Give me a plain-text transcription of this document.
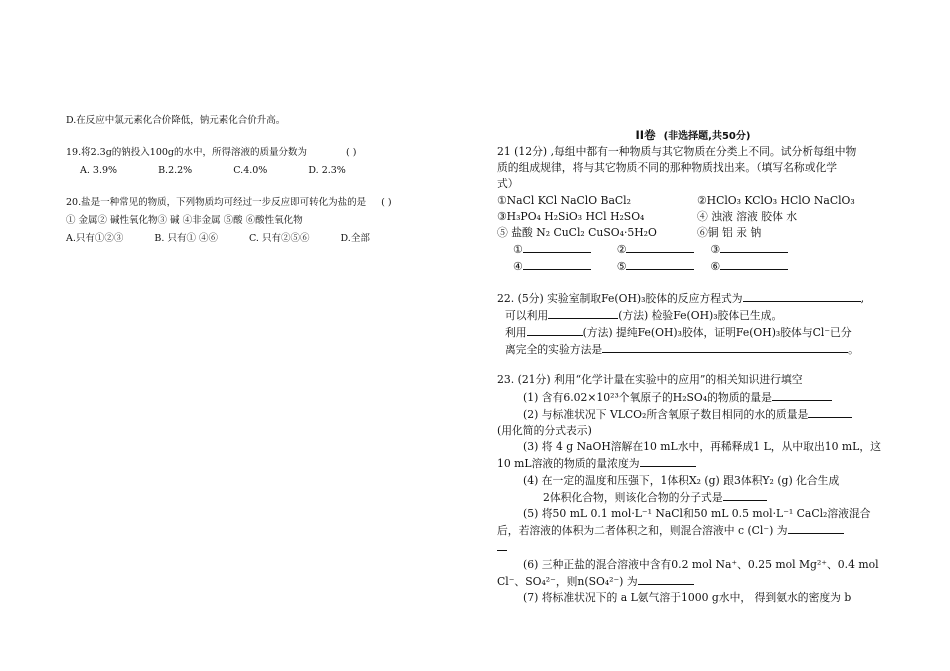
D.在反应中氯元素化合价降低，钠元素化合价升高。
19.将2.3g的钠投入100g的水中，所得溶液的质量分数为	( )
A. 3.9%	B.2.2%	C.4.0%	D. 2.3%
20.盐是一种常见的物质，下列物质均可经过一步反应即可转化为盐的是 ( )
① 金属② 碱性氧化物③ 碱 ④非金属 ⑤酸 ⑥酸性氧化物
A.只有①②③	B. 只有① ④⑥	C. 只有②⑤⑥	D.全部
II卷 (非选择题,共50分)
21 (12分) ,每组中都有一种物质与其它物质在分类上不同。试分析每组中物
质的组成规律，将与其它物质不同的那种物质找出来。（填写名称或化学
式）
①NaCl KCl NaClO BaCl₂	②HClO₃ KClO₃ HClO NaClO₃
③H₃PO₄ H₂SiO₃ HCl H₂SO₄	④ 浊液 溶液 胶体 水
⑤ 盐酸 N₂ CuCl₂ CuSO₄·5H₂O	⑥铜 铝 汞 钠
①	②	③
④	⑤	⑥
22. (5分) 实验室制取Fe(OH)₃胶体的反应方程式为	,
可以利用	(方法) 检验Fe(OH)₃胶体已生成。
利用	(方法) 提纯Fe(OH)₃胶体，证明Fe(OH)₃胶体与Cl⁻已分
离完全的实验方法是	。
23. (21分) 利用“化学计量在实验中的应用”的相关知识进行填空
(1) 含有6.02×10²³个氧原子的H₂SO₄的物质的量是
(2) 与标准状况下 VLCO₂所含氧原子数目相同的水的质量是
(用化简的分式表示)
(3) 将 4 g NaOH溶解在10 mL水中，再稀释成1 L，从中取出10 mL，这
10 mL溶液的物质的量浓度为
(4) 在一定的温度和压强下，1体积X₂ (g) 跟3体积Y₂ (g) 化合生成
2体积化合物，则该化合物的分子式是
(5) 将50 mL 0.1 mol·L⁻¹ NaCl和50 mL 0.5 mol·L⁻¹ CaCl₂溶液混合
后，若溶液的体积为二者体积之和，则混合溶液中 c (Cl⁻) 为
(6) 三种正盐的混合溶液中含有0.2 mol Na⁺、0.25 mol Mg²⁺、0.4 mol
Cl⁻、SO₄²⁻，则n(SO₄²⁻) 为
(7) 将标准状况下的 a L氨气溶于1000 g水中， 得到氨水的密度为 b
